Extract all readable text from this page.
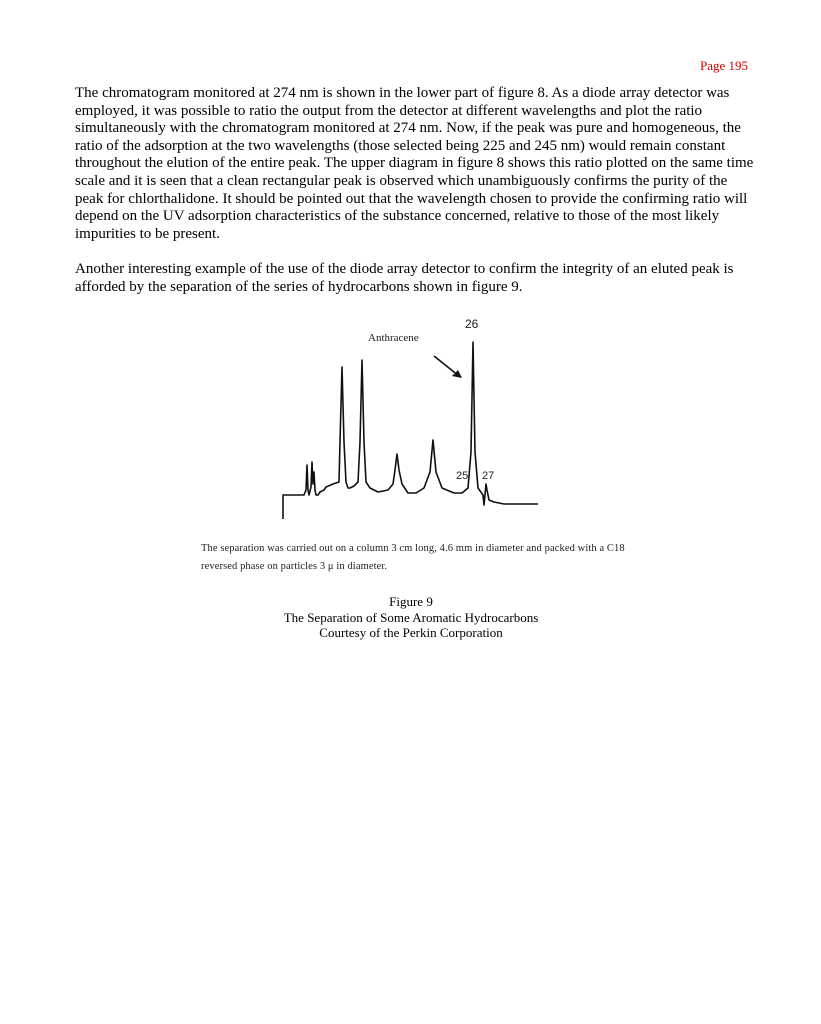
Page 195

The chromatogram monitored at 274 nm is shown in the lower part of figure 8. As a diode array detector was employed, it was possible to ratio the output from the detector at different wavelengths and plot the ratio simultaneously with the chromatogram monitored at 274 nm. Now, if the peak was pure and homogeneous, the ratio of the adsorption at the two wavelengths (those selected being 225 and 245 nm) would remain constant throughout the elution of the entire peak. The upper diagram in figure 8 shows this ratio plotted on the same time scale and it is seen that a clean rectangular peak is observed which unambiguously confirms the purity of the peak for chlorthalidone. It should be pointed out that the wavelength chosen to provide the confirming ratio will depend on the UV adsorption characteristics of the substance concerned, relative to those of the most likely impurities to be present.

Another interesting example of the use of the diode array detector to confirm the integrity of an eluted peak is afforded by the separation of the series of hydrocarbons shown in figure 9.

Anthracene
26
25 27

The separation was carried out on a column 3 cm long, 4.6 mm in diameter and packed with a C18 reversed phase on particles 3 μ in diameter.

Figure 9
The Separation of Some Aromatic Hydrocarbons
Courtesy of the Perkin Corporation
